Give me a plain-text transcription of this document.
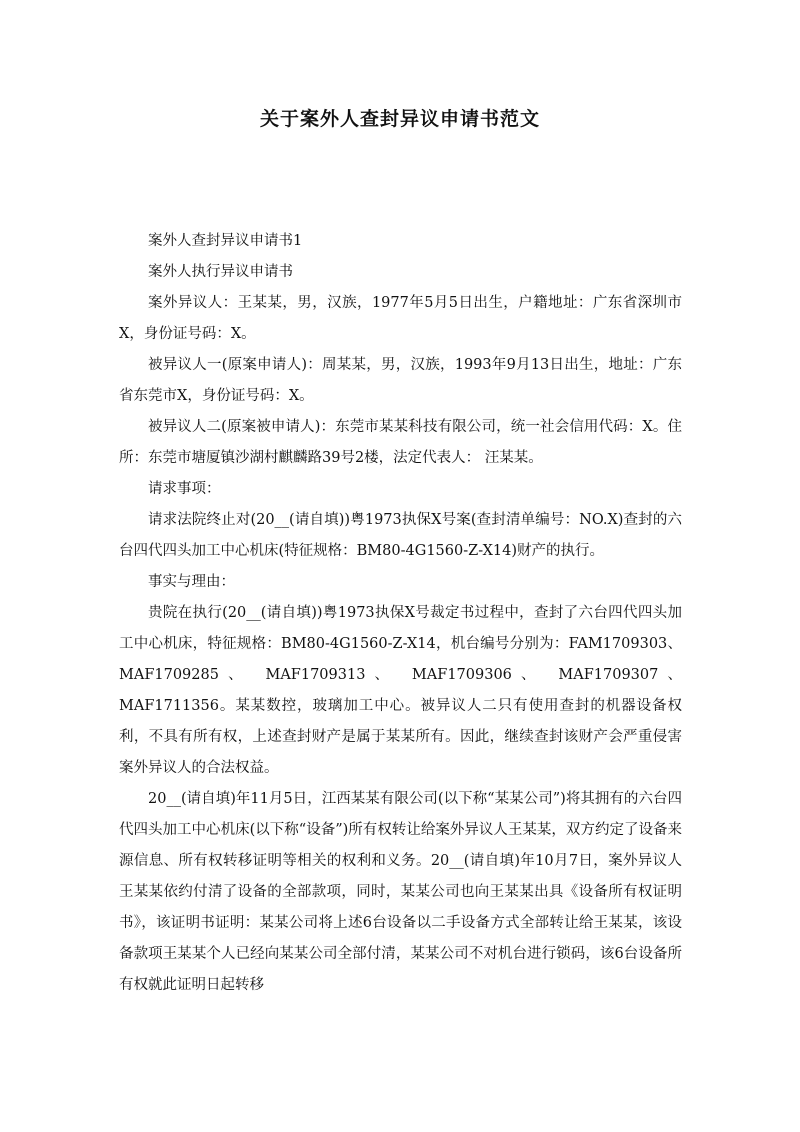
关于案外人查封异议申请书范文

案外人查封异议申请书1

案外人执行异议申请书

案外异议人：王某某，男，汉族，1977年5月5日出生，户籍地址：广东省深圳市X，身份证号码：X。

被异议人一(原案申请人)：周某某，男，汉族，1993年9月13日出生，地址：广东省东莞市X，身份证号码：X。

被异议人二(原案被申请人)：东莞市某某科技有限公司，统一社会信用代码：X。住所：东莞市塘厦镇沙湖村麒麟路39号2楼，法定代表人： 汪某某。

请求事项：

请求法院终止对(20__(请自填))粤1973执保X号案(查封清单编号：NO.X)查封的六台四代四头加工中心机床(特征规格：BM80-4G1560-Z-X14)财产的执行。

事实与理由：

贵院在执行(20__(请自填))粤1973执保X号裁定书过程中，查封了六台四代四头加工中心机床，特征规格：BM80-4G1560-Z-X14，机台编号分别为：FAM1709303、 MAF1709285、 MAF1709313、 MAF1709306、 MAF1709307、MAF1711356。某某数控，玻璃加工中心。被异议人二只有使用查封的机器设备权利，不具有所有权，上述查封财产是属于某某所有。因此，继续查封该财产会严重侵害案外异议人的合法权益。

20__(请自填)年11月5日，江西某某有限公司(以下称“某某公司”)将其拥有的六台四代四头加工中心机床(以下称“设备”)所有权转让给案外异议人王某某，双方约定了设备来源信息、所有权转移证明等相关的权利和义务。20__(请自填)年10月7日，案外异议人王某某依约付清了设备的全部款项，同时，某某公司也向王某某出具《设备所有权证明书》，该证明书证明：某某公司将上述6台设备以二手设备方式全部转让给王某某，该设备款项王某某个人已经向某某公司全部付清，某某公司不对机台进行锁码，该6台设备所有权就此证明日起转移
